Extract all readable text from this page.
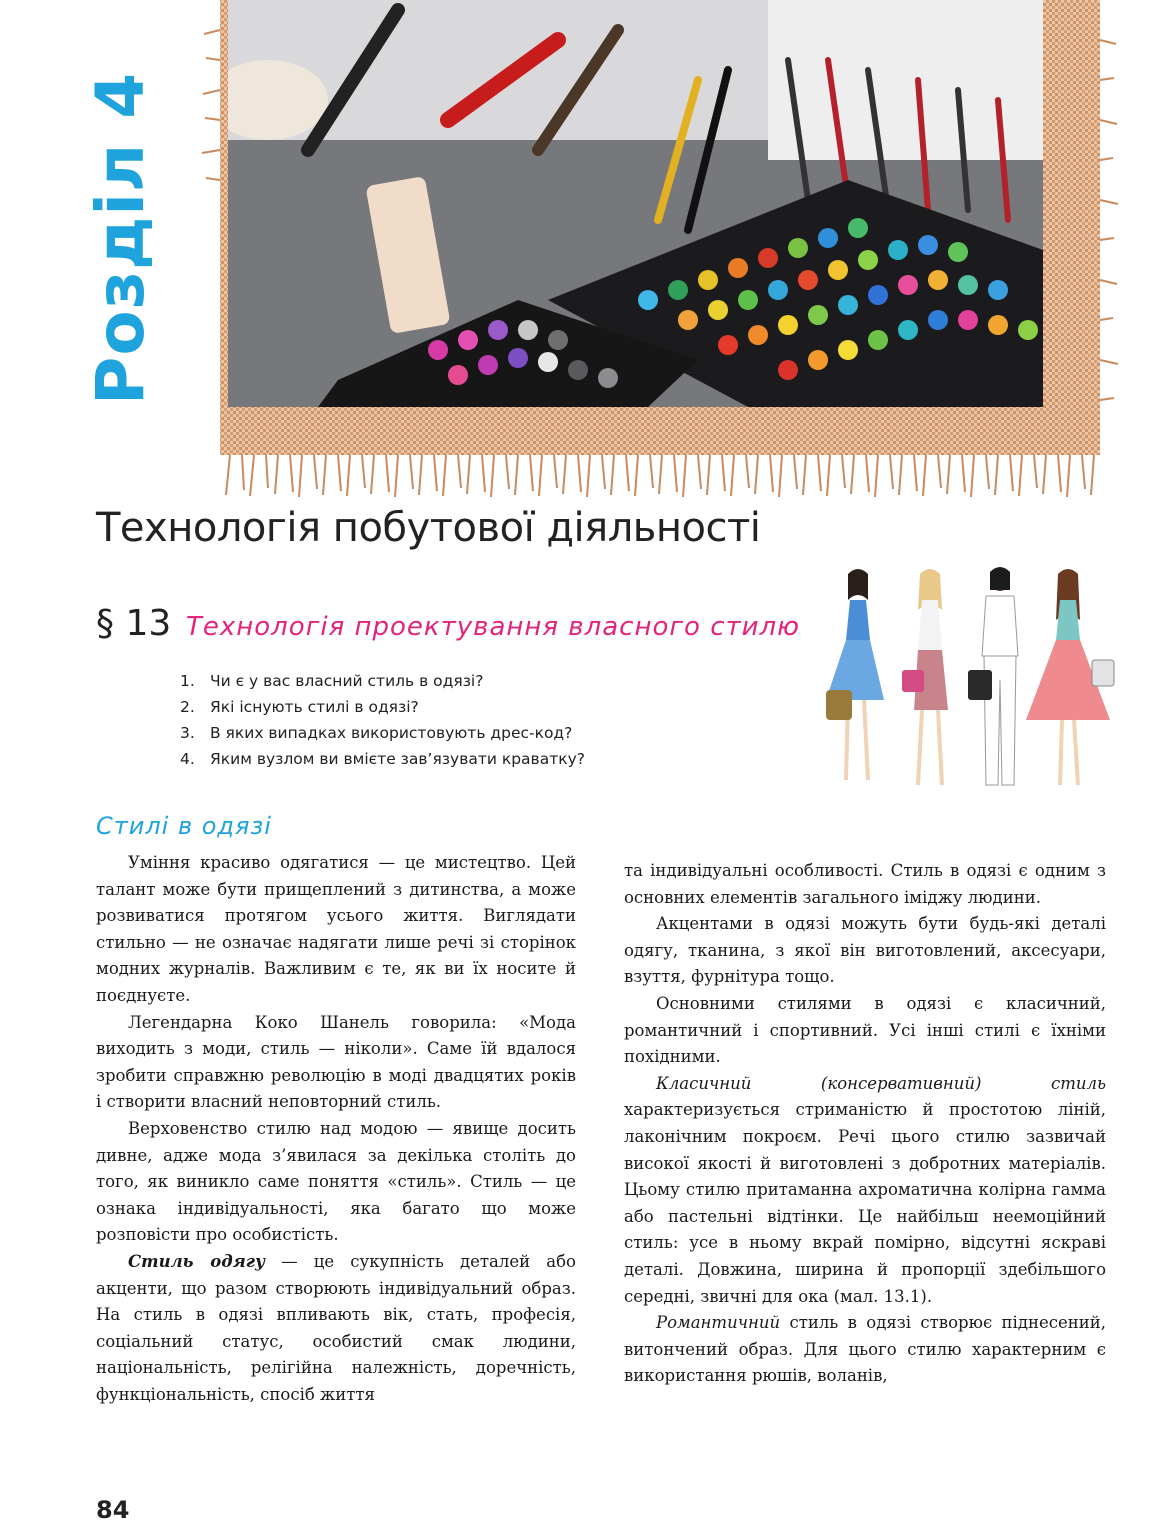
Розділ 4
Технологія побутової діяльності
§ 13 Технологія проектування власного стилю
1. Чи є у вас власний стиль в одязі?
2. Які існують стилі в одязі?
3. В яких випадках використовують дрес-код?
4. Яким вузлом ви вмієте зав’язувати краватку?
Стилі в одязі

Уміння красиво одягатися — це мистецтво. Цей талант може бути прищеплений з дитинства, а може розвиватися протягом усього життя. Виглядати стильно — не означає надягати лише речі зі сторінок модних журналів. Важливим є те, як ви їх носите й поєднуєте.

Легендарна Коко Шанель говорила: «Мода виходить з моди, стиль — ніколи». Саме їй вдалося зробити справжню революцію в моді двадцятих років і створити власний неповторний стиль.

Верховенство стилю над модою — явище досить дивне, адже мода з’явилася за декілька століть до того, як виникло саме поняття «стиль». Стиль — це ознака індивідуальності, яка багато що може розповісти про особистість.

Стиль одягу — це сукупність деталей або акценти, що разом створюють індивідуальний образ. На стиль в одязі впливають вік, стать, професія, соціальний статус, особистий смак людини, національність, релігійна належність, доречність, функціональність, спосіб життя

та індивідуальні особливості. Стиль в одязі є одним з основних елементів загального іміджу людини.

Акцентами в одязі можуть бути будь-які деталі одягу, тканина, з якої він виготовлений, аксесуари, взуття, фурнітура тощо.

Основними стилями в одязі є класичний, романтичний і спортивний. Усі інші стилі є їхніми похідними.

Класичний (консервативний) стиль характеризується стриманістю й простотою ліній, лаконічним покроєм. Речі цього стилю зазвичай високої якості й виготовлені з добротних матеріалів. Цьому стилю притаманна ахроматична колірна гамма або пастельні відтінки. Це найбільш неемоційний стиль: усе в ньому вкрай помірно, відсутні яскраві деталі. Довжина, ширина й пропорції здебільшого середні, звичні для ока (мал. 13.1).

Романтичний стиль в одязі створює піднесений, витончений образ. Для цього стилю характерним є використання рюшів, воланів,

84
